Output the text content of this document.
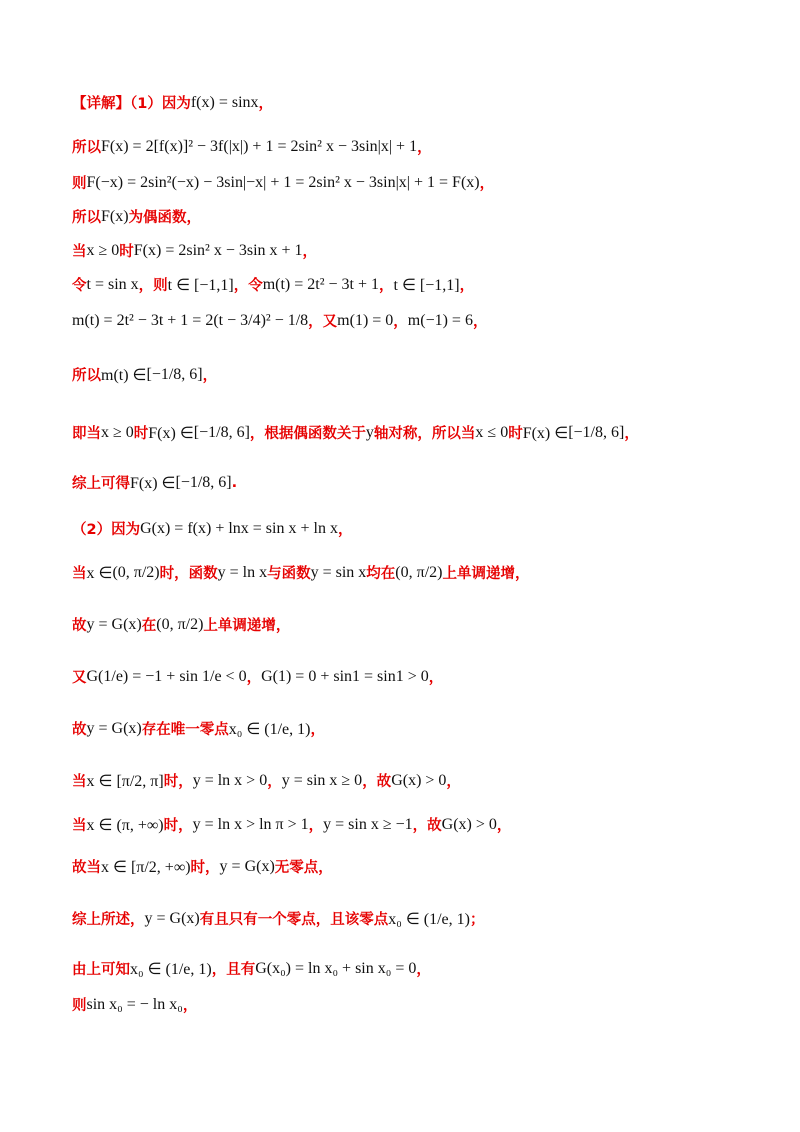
【详解】（1）因为 f(x) = sinx ，
所以 F(x) = 2[f(x)]² − 3f(|x|) + 1 = 2sin² x − 3sin|x| + 1 ，
则 F(−x) = 2sin²(−x) − 3sin|−x| + 1 = 2sin² x − 3sin|x| + 1 = F(x) ，
所以 F(x) 为偶函数，
当 x ≥ 0 时 F(x) = 2sin² x − 3sin x + 1 ，
令 t = sin x ，则 t ∈ [−1,1] ，令 m(t) = 2t² − 3t + 1 ， t ∈ [−1,1] ，
m(t) = 2t² − 3t + 1 = 2 (t − 3/4)² − 1/8 ，又 m(1) = 0 ， m(−1) = 6 ，
所以 m(t) ∈ [−1/8, 6] ，
即当 x ≥ 0 时 F(x) ∈ [−1/8, 6] ，根据偶函数关于 y 轴对称，所以当 x ≤ 0 时 F(x) ∈ [−1/8, 6] ，
综上可得 F(x) ∈ [−1/8, 6] .
（2）因为 G(x) = f(x) + lnx = sin x + ln x ，
当 x ∈ (0, π/2) 时，函数 y = ln x 与函数 y = sin x 均在 (0, π/2) 上单调递增，
故 y = G(x) 在 (0, π/2) 上单调递增，
又 G(1/e) = −1 + sin 1/e < 0 ， G(1) = 0 + sin1 = sin1 > 0 ，
故 y = G(x) 存在唯一零点 x₀ ∈ (1/e, 1) ，
当 x ∈ [π/2, π] 时， y = ln x > 0 ， y = sin x ≥ 0 ，故 G(x) > 0 ，
当 x ∈ (π, +∞) 时， y = ln x > ln π > 1 ， y = sin x ≥ −1 ，故 G(x) > 0 ，
故当 x ∈ [π/2, +∞) 时， y = G(x) 无零点，
综上所述， y = G(x) 有且只有一个零点，且该零点 x₀ ∈ (1/e, 1) ；
由上可知 x₀ ∈ (1/e, 1) ，且有 G(x₀) = ln x₀ + sin x₀ = 0 ，
则 sin x₀ = − ln x₀ ，
